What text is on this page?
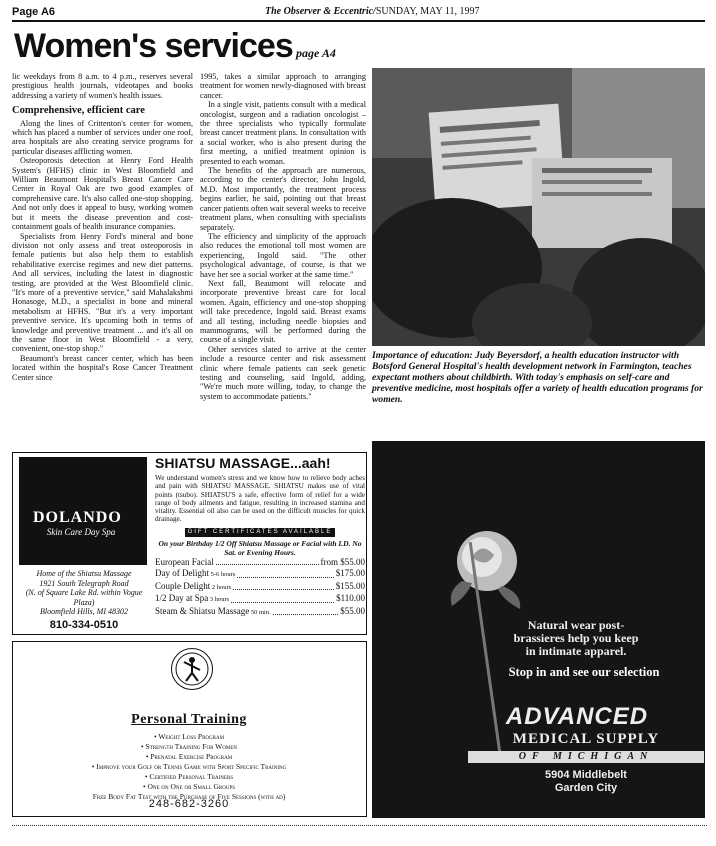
Page A6	The Observer & Eccentric/SUNDAY, MAY 11, 1997
Women's services page A4

lic weekdays from 8 a.m. to 4 p.m., reserves several prestigious health journals, videotapes and books addressing a variety of women's health issues.

Comprehensive, efficient care

Along the lines of Crittenton's center for women, which has placed a number of services under one roof, area hospitals are also creating service programs for particular diseases afflicting women.

Osteoporosis detection at Henry Ford Health System's (HFHS) clinic in West Bloomfield and William Beaumont Hospital's Breast Cancer Care Center in Royal Oak are two good examples of comprehensive care. It's also called one-stop shopping. And not only does it appeal to busy, working women but it meets the disease prevention and cost-containment goals of health insurance companies.

Specialists from Henry Ford's mineral and bone division not only assess and treat osteoporosis in female patients but also help them to establish rehabilitative exercise regimes and new diet patterns. And all services, including the latest in diagnostic testing, are provided at the West Bloomfield clinic. "It's more of a preventive service," said Mahalakshmi Honasoge, M.D., a specialist in bone and mineral metabolism at HFHS. "But it's a very important preventive service. It's upcoming both in terms of knowledge and preventive treatment ... and it's all on the same floor in West Bloomfield - a very, convenient, one-stop shop."

Beaumont's breast cancer center, which has been located within the hospital's Rose Cancer Treatment Center since

1995, takes a similar approach to arranging treatment for women newly-diagnosed with breast cancer.

In a single visit, patients consult with a medical oncologist, surgeon and a radiation oncologist – the three specialists who typically formulate breast cancer treatment plans. In consultation with a social worker, who is also present during the first meeting, a unified treatment opinion is presented to each woman.

The benefits of the approach are numerous, according to the center's director, John Ingold, M.D. Most importantly, the treatment process begins earlier, he said, pointing out that breast cancer patients often wait several weeks to receive treatment plans, when consulting with specialists separately.

The efficiency and simplicity of the approach also reduces the emotional toll most women are experiencing, Ingold said. "The other psychological advantage, of course, is that we have her see a social worker at the same time."

Next fall, Beaumont will relocate and incorporate preventive breast care for local women. Again, efficiency and one-stop shopping will take precedence, Ingold said. Breast exams and all testing, including needle biopsies and mammograms, will be performed during the course of a single visit.

Other services slated to arrive at the center include a resource center and risk assessment clinic where female patients can seek genetic testing and counseling, said Ingold, adding, "We're much more willing, today, to change the system to accommodate patients."

Importance of education: Judy Beyersdorf, a health education instructor with Botsford General Hospital's health development network in Farmington, teaches expectant mothers about childbirth. With today's emphasis on self-care and preventive medicine, most hospitals offer a variety of health education programs for women.
DOLANDO
Skin Care Day Spa
Home of the Shiatsu Massage
1921 South Telegraph Road
(N. of Square Lake Rd. within Vogue Plaza)
Bloomfield Hills, MI 48302
810-334-0510
SHIATSU MASSAGE...aah!
We understand women's stress and we know how to relieve body aches and pain with SHIATSU MASSAGE. SHIATSU makes use of vital points (tsubo). SHIATSU'S a safe, effective form of relief for a wide range of body ailments and fatigue, resulting in increased stamina and vitality. Essential oil also can be used on the difficult muscles for quick drainage.
GIFT CERTIFICATES AVAILABLE
On your Birthday 1/2 Off Shiatsu Massage or Facial with I.D. No Sat. or Evening Hours.
European Facial	from $55.00
Day of Delight 5-6 hours	$175.00
Couple Delight 2 hours	$155.00
1/2 Day at Spa 3 hours	$110.00
Steam & Shiatsu Massage 50 min.	$55.00
Personal Training
• Weight Loss Program
• Strength Training For Women
• Prenatal Exercise Program
• Improve your Golf or Tennis Game with Sport Specific Training
• Certified Personal Trainers
• One on One or Small Groups
Free Body Fat Test with the Purchase of Five Sessions (with ad)
248-682-3260
Natural wear post-
brassieres help you keep
in intimate apparel.
Stop in and see our selection
ADVANCED
MEDICAL SUPPLY
OF MICHIGAN
5904 Middlebelt
Garden City
